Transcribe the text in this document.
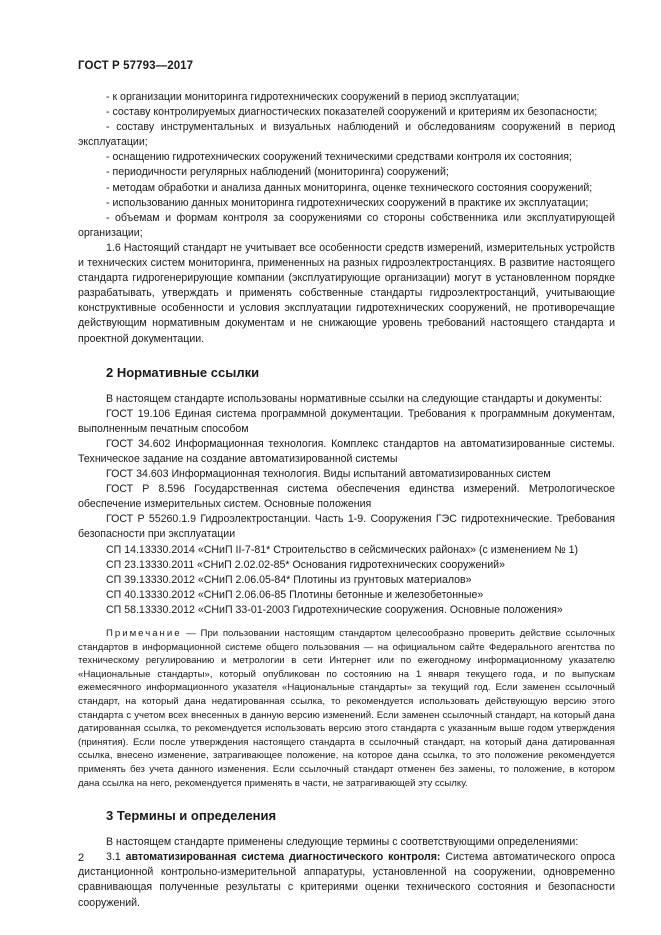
ГОСТ Р 57793—2017

- к организации мониторинга гидротехнических сооружений в период эксплуатации;

- составу контролируемых диагностических показателей сооружений и критериям их безопасности;

- составу инструментальных и визуальных наблюдений и обследованиям сооружений в период эксплуатации;

- оснащению гидротехнических сооружений техническими средствами контроля их состояния;

- периодичности регулярных наблюдений (мониторинга) сооружений;

- методам обработки и анализа данных мониторинга, оценке технического состояния сооружений;

- использованию данных мониторинга гидротехнических сооружений в практике их эксплуатации;

- объемам и формам контроля за сооружениями со стороны собственника или эксплуатирующей организации;

1.6 Настоящий стандарт не учитывает все особенности средств измерений, измерительных устройств и технических систем мониторинга, примененных на разных гидроэлектростанциях. В развитие настоящего стандарта гидрогенерирующие компании (эксплуатирующие организации) могут в установленном порядке разрабатывать, утверждать и применять собственные стандарты гидроэлектростанций, учитывающие конструктивные особенности и условия эксплуатации гидротехнических сооружений, не противоречащие действующим нормативным документам и не снижающие уровень требований настоящего стандарта и проектной документации.

2 Нормативные ссылки

В настоящем стандарте использованы нормативные ссылки на следующие стандарты и документы:

ГОСТ 19.106 Единая система программной документации. Требования к программным документам, выполненным печатным способом

ГОСТ 34.602 Информационная технология. Комплекс стандартов на автоматизированные системы. Техническое задание на создание автоматизированной системы

ГОСТ 34.603 Информационная технология. Виды испытаний автоматизированных систем

ГОСТ Р 8.596 Государственная система обеспечения единства измерений. Метрологическое обеспечение измерительных систем. Основные положения

ГОСТ Р 55260.1.9 Гидроэлектростанции. Часть 1-9. Сооружения ГЭС гидротехнические. Требования безопасности при эксплуатации

СП 14.13330.2014 «СНиП II-7-81* Строительство в сейсмических районах» (с изменением № 1)

СП 23.13330.2011 «СНиП 2.02.02-85* Основания гидротехнических сооружений»

СП 39.13330.2012 «СНиП 2.06.05-84* Плотины из грунтовых материалов»

СП 40.13330.2012 «СНиП 2.06.06-85 Плотины бетонные и железобетонные»

СП 58.13330.2012 «СНиП 33-01-2003 Гидротехнические сооружения. Основные положения»

Примечание — При пользовании настоящим стандартом целесообразно проверить действие ссылочных стандартов в информационной системе общего пользования — на официальном сайте Федерального агентства по техническому регулированию и метрологии в сети Интернет или по ежегодному информационному указателю «Национальные стандарты», который опубликован по состоянию на 1 января текущего года, и по выпускам ежемесячного информационного указателя «Национальные стандарты» за текущий год. Если заменен ссылочный стандарт, на который дана недатированная ссылка, то рекомендуется использовать действующую версию этого стандарта с учетом всех внесенных в данную версию изменений. Если заменен ссылочный стандарт, на который дана датированная ссылка, то рекомендуется использовать версию этого стандарта с указанным выше годом утверждения (принятия). Если после утверждения настоящего стандарта в ссылочный стандарт, на который дана датированная ссылка, внесено изменение, затрагивающее положение, на которое дана ссылка, то это положение рекомендуется применять без учета данного изменения. Если ссылочный стандарт отменен без замены, то положение, в котором дана ссылка на него, рекомендуется применять в части, не затрагивающей эту ссылку.

3 Термины и определения

В настоящем стандарте применены следующие термины с соответствующими определениями:

3.1 автоматизированная система диагностического контроля: Система автоматического опроса дистанционной контрольно-измерительной аппаратуры, установленной на сооружении, одновременно сравнивающая полученные результаты с критериями оценки технического состояния и безопасности сооружений.

2
